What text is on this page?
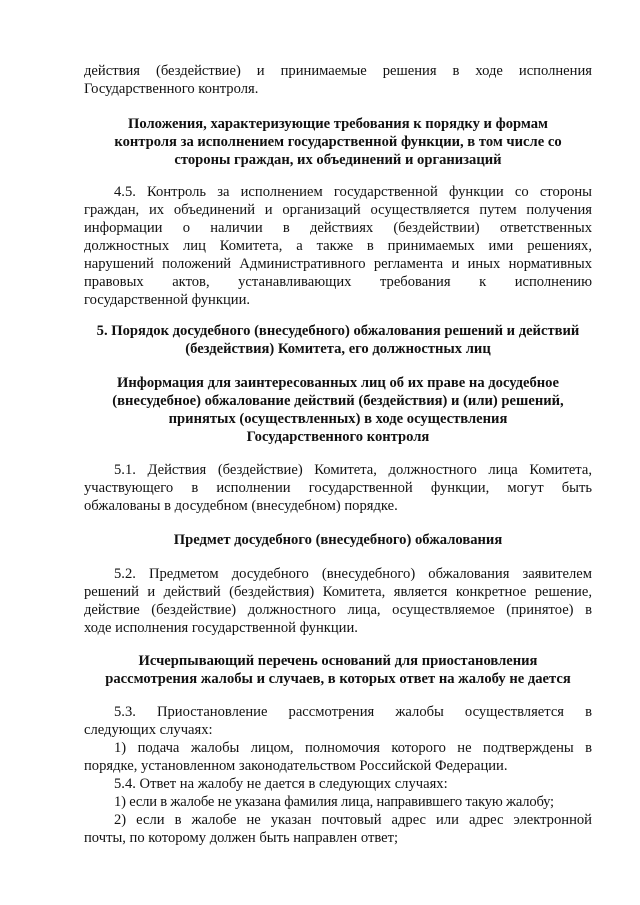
действия (бездействие) и принимаемые решения в ходе исполнения
Государственного контроля.
Положения, характеризующие требования к порядку и формам
контроля за исполнением государственной функции, в том числе со
стороны граждан, их объединений и организаций
4.5. Контроль за исполнением государственной функции со стороны
граждан, их объединений и организаций осуществляется путем получения
информации о наличии в действиях (бездействии) ответственных
должностных лиц Комитета, а также в принимаемых ими решениях,
нарушений положений Административного регламента и иных нормативных
правовых актов, устанавливающих требования к исполнению
государственной функции.
5. Порядок досудебного (внесудебного) обжалования решений и действий
(бездействия) Комитета, его должностных лиц
Информация для заинтересованных лиц об их праве на досудебное
(внесудебное) обжалование действий (бездействия) и (или) решений,
принятых (осуществленных) в ходе осуществления
Государственного контроля
5.1. Действия (бездействие) Комитета, должностного лица Комитета,
участвующего в исполнении государственной функции, могут быть
обжалованы в досудебном (внесудебном) порядке.
Предмет досудебного (внесудебного) обжалования
5.2. Предметом досудебного (внесудебного) обжалования заявителем
решений и действий (бездействия) Комитета, является конкретное решение,
действие (бездействие) должностного лица, осуществляемое (принятое) в
ходе исполнения государственной функции.
Исчерпывающий перечень оснований для приостановления
рассмотрения жалобы и случаев, в которых ответ на жалобу не дается
5.3. Приостановление рассмотрения жалобы осуществляется в
следующих случаях:
1) подача жалобы лицом, полномочия которого не подтверждены в
порядке, установленном законодательством Российской Федерации.
5.4. Ответ на жалобу не дается в следующих случаях:
1) если в жалобе не указана фамилия лица, направившего такую жалобу;
2) если в жалобе не указан почтовый адрес или адрес электронной
почты, по которому должен быть направлен ответ;
